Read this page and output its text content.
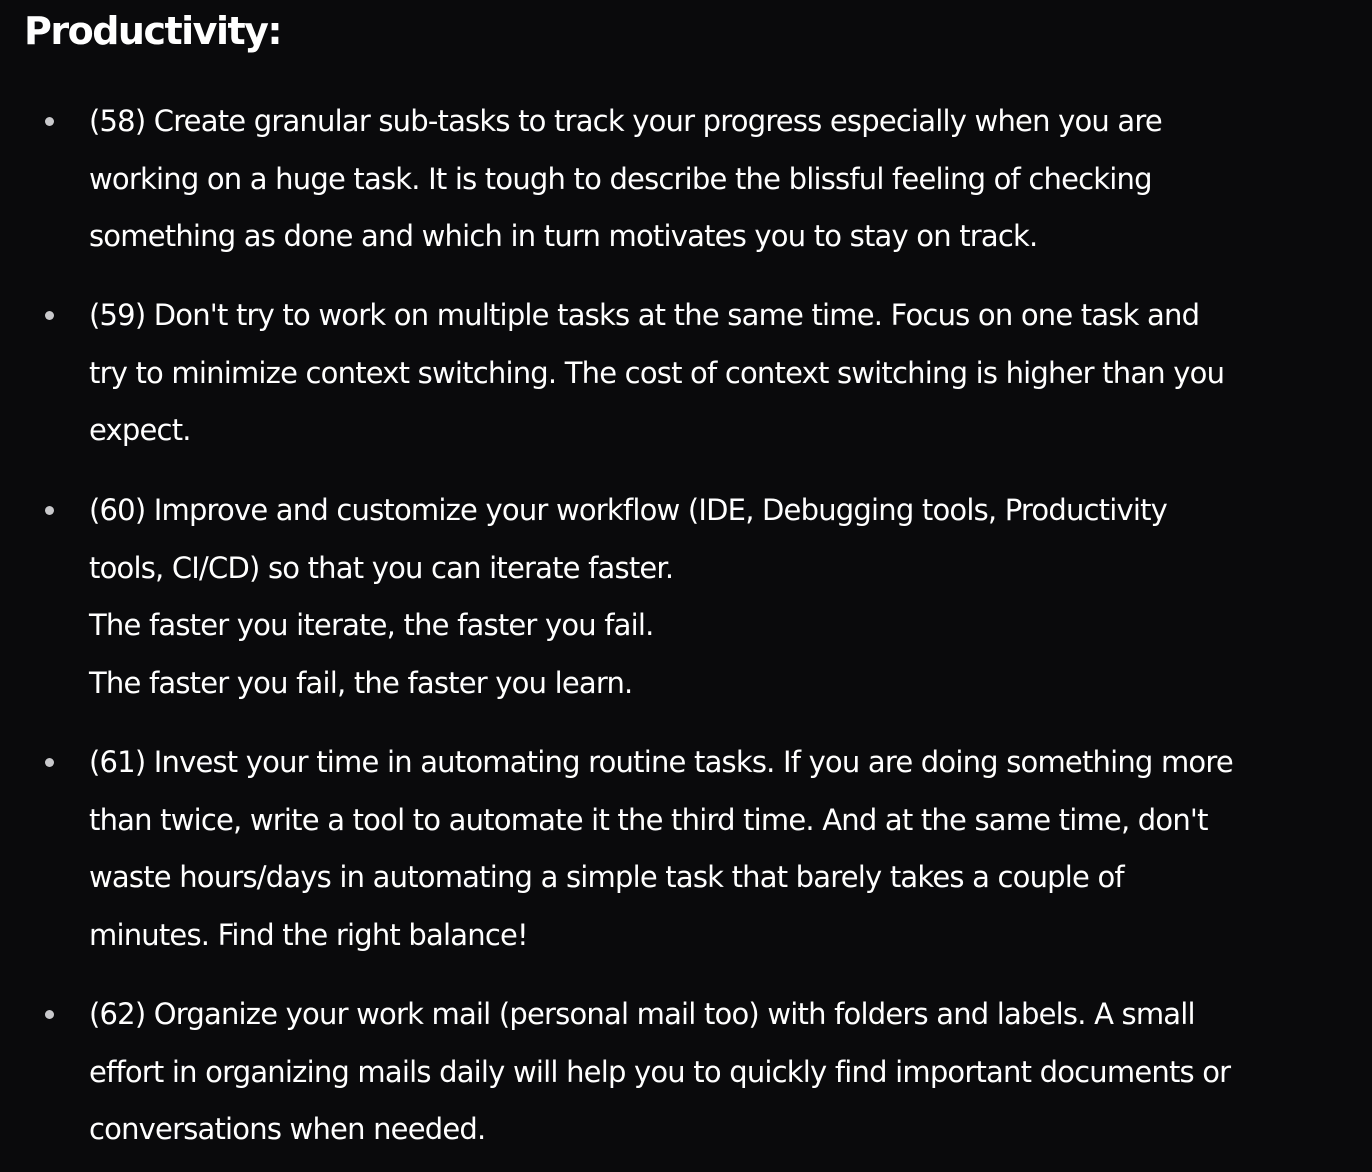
Productivity:
(58) Create granular sub-tasks to track your progress especially when you are
working on a huge task. It is tough to describe the blissful feeling of checking
something as done and which in turn motivates you to stay on track.
(59) Don't try to work on multiple tasks at the same time. Focus on one task and
try to minimize context switching. The cost of context switching is higher than you
expect.
(60) Improve and customize your workflow (IDE, Debugging tools, Productivity
tools, CI/CD) so that you can iterate faster.
The faster you iterate, the faster you fail.
The faster you fail, the faster you learn.
(61) Invest your time in automating routine tasks. If you are doing something more
than twice, write a tool to automate it the third time. And at the same time, don't
waste hours/days in automating a simple task that barely takes a couple of
minutes. Find the right balance!
(62) Organize your work mail (personal mail too) with folders and labels. A small
effort in organizing mails daily will help you to quickly find important documents or
conversations when needed.
